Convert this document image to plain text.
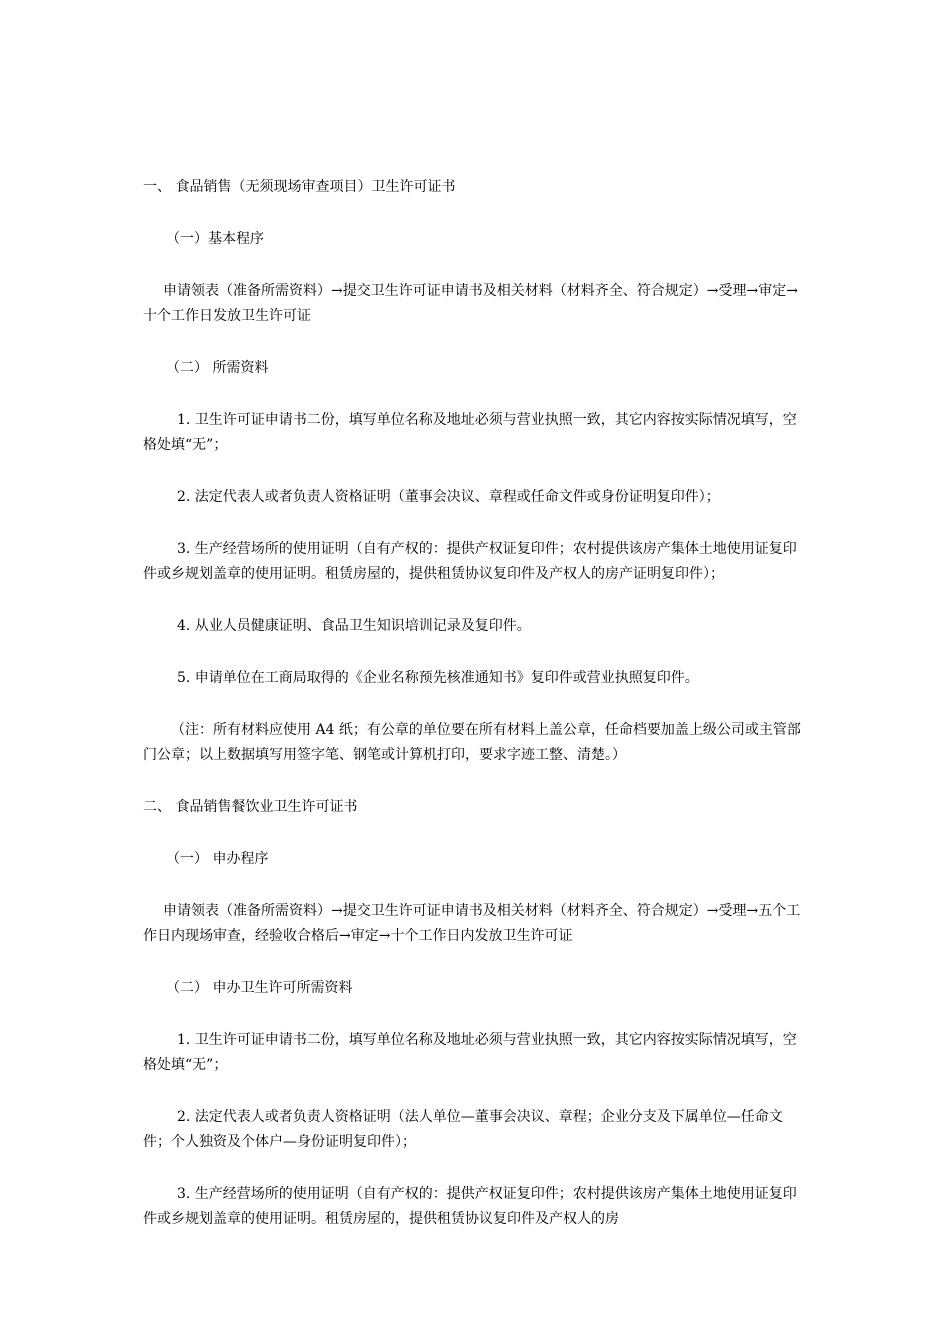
一、 食品销售（无须现场审查项目）卫生许可证书

（一）基本程序

申请领表（准备所需资料）→提交卫生许可证申请书及相关材料（材料齐全、符合规定）→受理→审定→十个工作日发放卫生许可证

（二） 所需资料

1. 卫生许可证申请书二份，填写单位名称及地址必须与营业执照一致，其它内容按实际情况填写，空格处填“无”；

2. 法定代表人或者负责人资格证明（董事会决议、章程或任命文件或身份证明复印件）；

3. 生产经营场所的使用证明（自有产权的：提供产权证复印件；农村提供该房产集体土地使用证复印件或乡规划盖章的使用证明。租赁房屋的，提供租赁协议复印件及产权人的房产证明复印件）；

4. 从业人员健康证明、食品卫生知识培训记录及复印件。

5. 申请单位在工商局取得的《企业名称预先核准通知书》复印件或营业执照复印件。

（注：所有材料应使用 A4 纸；有公章的单位要在所有材料上盖公章，任命档要加盖上级公司或主管部门公章；以上数据填写用签字笔、钢笔或计算机打印，要求字迹工整、清楚。）

二、 食品销售餐饮业卫生许可证书

（一） 申办程序

申请领表（准备所需资料）→提交卫生许可证申请书及相关材料（材料齐全、符合规定）→受理→五个工作日内现场审查，经验收合格后→审定→十个工作日内发放卫生许可证

（二） 申办卫生许可所需资料

1. 卫生许可证申请书二份，填写单位名称及地址必须与营业执照一致，其它内容按实际情况填写，空格处填“无”；

2. 法定代表人或者负责人资格证明（法人单位—董事会决议、章程；企业分支及下属单位—任命文件；个人独资及个体户—身份证明复印件）；

3. 生产经营场所的使用证明（自有产权的：提供产权证复印件；农村提供该房产集体土地使用证复印件或乡规划盖章的使用证明。租赁房屋的，提供租赁协议复印件及产权人的房
